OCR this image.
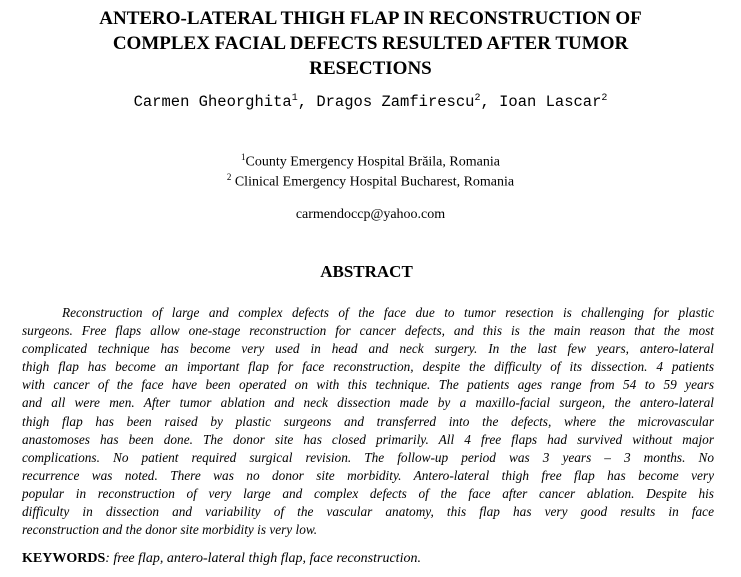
ANTERO-LATERAL THIGH FLAP IN RECONSTRUCTION OF
COMPLEX FACIAL DEFECTS RESULTED AFTER TUMOR
RESECTIONS
Carmen Gheorghita$^1$, Dragos Zamfirescu$^2$, Ioan Lascar$^2$
$^1$County Emergency Hospital Brăila, Romania
$^2$ Clinical Emergency Hospital Bucharest, Romania
carmendoccp@yahoo.com
ABSTRACT
Reconstruction of large and complex defects of the face due to tumor resection is challenging for plastic
surgeons. Free flaps allow one-stage reconstruction for cancer defects, and this is the main reason that the most
complicated technique has become very used in head and neck surgery. In the last few years, antero-lateral
thigh flap has become an important flap for face reconstruction, despite the difficulty of its dissection. 4 patients
with cancer of the face have been operated on with this technique. The patients ages range from 54 to 59 years
and all were men. After tumor ablation and neck dissection made by a maxillo-facial surgeon, the antero-lateral
thigh flap has been raised by plastic surgeons and transferred into the defects, where the microvascular
anastomoses has been done. The donor site has closed primarily. All 4 free flaps had survived without major
complications. No patient required surgical revision. The follow-up period was 3 years – 3 months. No
recurrence was noted. There was no donor site morbidity. Antero-lateral thigh free flap has become very
popular in reconstruction of very large and complex defects of the face after cancer ablation. Despite his
difficulty in dissection and variability of the vascular anatomy, this flap has very good results in face
reconstruction and the donor site morbidity is very low.
KEYWORDS: free flap, antero-lateral thigh flap, face reconstruction.
